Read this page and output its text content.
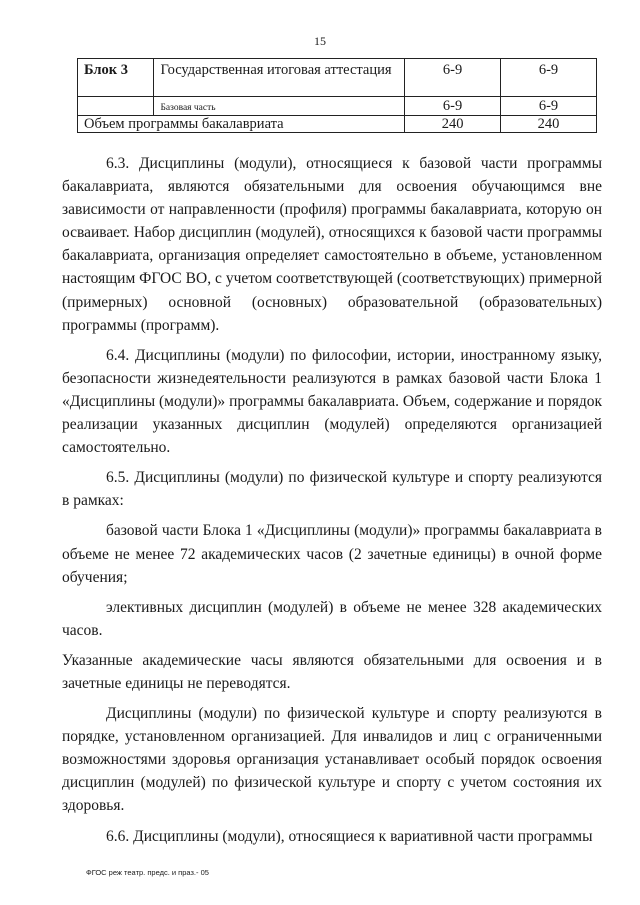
15
Блок 3	Государственная итоговая аттестация	6-9	6-9
	Базовая часть	6-9	6-9
Объем программы бакалавриата		240	240

6.3. Дисциплины (модули), относящиеся к базовой части программы бакалавриата, являются обязательными для освоения обучающимся вне зависимости от направленности (профиля) программы бакалавриата, которую он осваивает. Набор дисциплин (модулей), относящихся к базовой части программы бакалавриата, организация определяет самостоятельно в объеме, установленном настоящим ФГОС ВО, с учетом соответствующей (соответствующих) примерной (примерных) основной (основных) образовательной (образовательных) программы (программ).

6.4. Дисциплины (модули) по философии, истории, иностранному языку, безопасности жизнедеятельности реализуются в рамках базовой части Блока 1 «Дисциплины (модули)» программы бакалавриата. Объем, содержание и порядок реализации указанных дисциплин (модулей) определяются организацией самостоятельно.

6.5. Дисциплины (модули) по физической культуре и спорту реализуются в рамках:

базовой части Блока 1 «Дисциплины (модули)» программы бакалавриата в объеме не менее 72 академических часов (2 зачетные единицы) в очной форме обучения;

элективных дисциплин (модулей) в объеме не менее 328 академических часов.

Указанные академические часы являются обязательными для освоения и в зачетные единицы не переводятся.

Дисциплины (модули) по физической культуре и спорту реализуются в порядке, установленном организацией. Для инвалидов и лиц с ограниченными возможностями здоровья организация устанавливает особый порядок освоения дисциплин (модулей) по физической культуре и спорту с учетом состояния их здоровья.

6.6. Дисциплины (модули), относящиеся к вариативной части программы

ФГОС реж театр. предс. и праз.- 05
